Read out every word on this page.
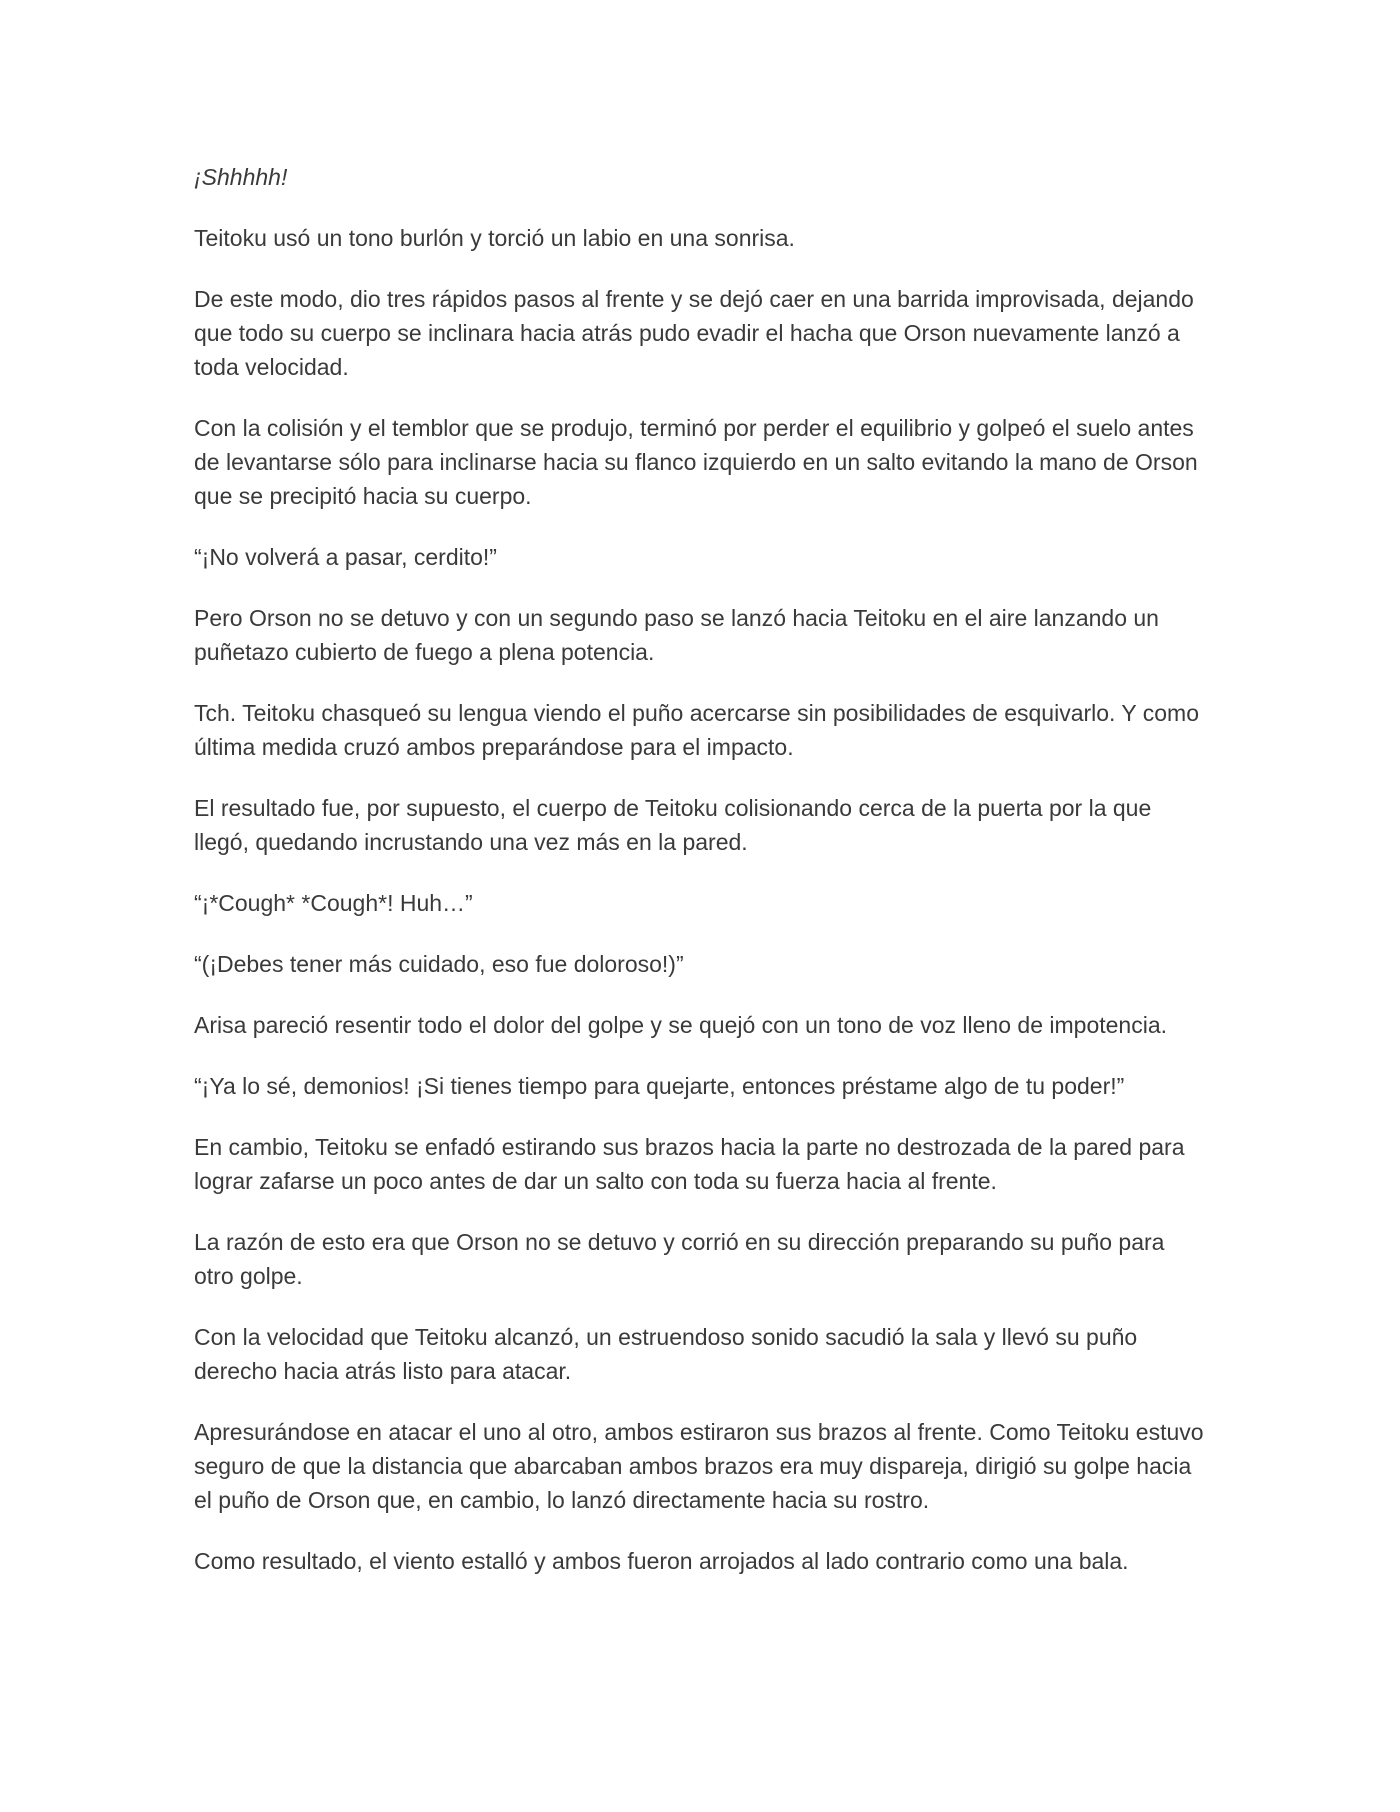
¡Shhhhh!

Teitoku usó un tono burlón y torció un labio en una sonrisa.

De este modo, dio tres rápidos pasos al frente y se dejó caer en una barrida improvisada, dejando que todo su cuerpo se inclinara hacia atrás pudo evadir el hacha que Orson nuevamente lanzó a toda velocidad.

Con la colisión y el temblor que se produjo, terminó por perder el equilibrio y golpeó el suelo antes de levantarse sólo para inclinarse hacia su flanco izquierdo en un salto evitando la mano de Orson que se precipitó hacia su cuerpo.

“¡No volverá a pasar, cerdito!”

Pero Orson no se detuvo y con un segundo paso se lanzó hacia Teitoku en el aire lanzando un puñetazo cubierto de fuego a plena potencia.

Tch. Teitoku chasqueó su lengua viendo el puño acercarse sin posibilidades de esquivarlo. Y como última medida cruzó ambos preparándose para el impacto.

El resultado fue, por supuesto, el cuerpo de Teitoku colisionando cerca de la puerta por la que llegó, quedando incrustando una vez más en la pared.

“¡*Cough* *Cough*! Huh…”

“(¡Debes tener más cuidado, eso fue doloroso!)”

Arisa pareció resentir todo el dolor del golpe y se quejó con un tono de voz lleno de impotencia.

“¡Ya lo sé, demonios! ¡Si tienes tiempo para quejarte, entonces préstame algo de tu poder!”

En cambio, Teitoku se enfadó estirando sus brazos hacia la parte no destrozada de la pared para lograr zafarse un poco antes de dar un salto con toda su fuerza hacia al frente.

La razón de esto era que Orson no se detuvo y corrió en su dirección preparando su puño para otro golpe.

Con la velocidad que Teitoku alcanzó, un estruendoso sonido sacudió la sala y llevó su puño derecho hacia atrás listo para atacar.

Apresurándose en atacar el uno al otro, ambos estiraron sus brazos al frente. Como Teitoku estuvo seguro de que la distancia que abarcaban ambos brazos era muy dispareja, dirigió su golpe hacia el puño de Orson que, en cambio, lo lanzó directamente hacia su rostro.

Como resultado, el viento estalló y ambos fueron arrojados al lado contrario como una bala.
